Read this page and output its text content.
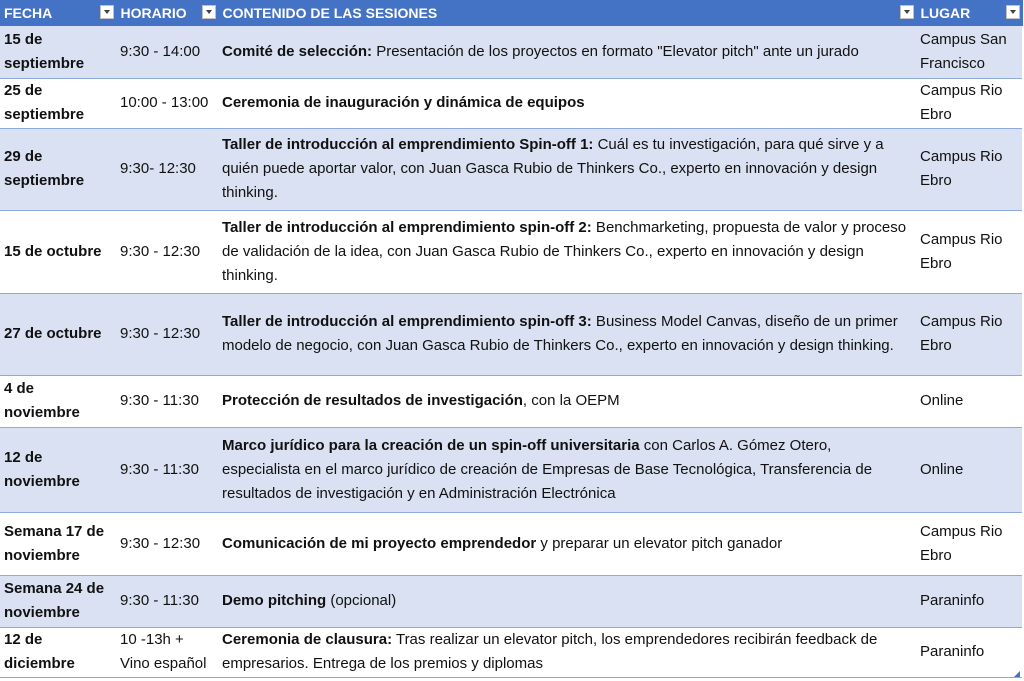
FECHA	HORARIO	CONTENIDO DE LAS SESIONES	LUGAR

15 de septiembre	9:30 - 14:00	Comité de selección: Presentación de los proyectos en formato "Elevator pitch" ante un jurado	Campus San Francisco
25 de septiembre	10:00 - 13:00	Ceremonia de inauguración y dinámica de equipos	Campus Rio Ebro
29 de septiembre	9:30- 12:30	Taller de introducción al emprendimiento Spin-off 1: Cuál es tu investigación, para qué sirve y a quién puede aportar valor, con Juan Gasca Rubio de Thinkers Co., experto en innovación y design thinking.	Campus Rio Ebro
15 de octubre	9:30 - 12:30	Taller de introducción al emprendimiento spin-off 2: Benchmarketing, propuesta de valor y proceso de validación de la idea, con Juan Gasca Rubio de Thinkers Co., experto en innovación y design thinking.	Campus Rio Ebro
27 de octubre	9:30 - 12:30	Taller de introducción al emprendimiento spin-off 3: Business Model Canvas, diseño de un primer modelo de negocio, con Juan Gasca Rubio de Thinkers Co., experto en innovación y design thinking.	Campus Rio Ebro
4 de noviembre	9:30 - 11:30	Protección de resultados de investigación, con la OEPM	Online
12 de noviembre	9:30 - 11:30	Marco jurídico para la creación de un spin-off universitaria con Carlos A. Gómez Otero, especialista en el marco jurídico de creación de Empresas de Base Tecnológica, Transferencia de resultados de investigación y en Administración Electrónica	Online
Semana 17 de noviembre	9:30 - 12:30	Comunicación de mi proyecto emprendedor y preparar un elevator pitch ganador	Campus Rio Ebro
Semana 24 de noviembre	9:30 - 11:30	Demo pitching (opcional)	Paraninfo
12 de diciembre	10 -13h + Vino español	Ceremonia de clausura: Tras realizar un elevator pitch, los emprendedores recibirán feedback de empresarios. Entrega de los premios y diplomas	Paraninfo
